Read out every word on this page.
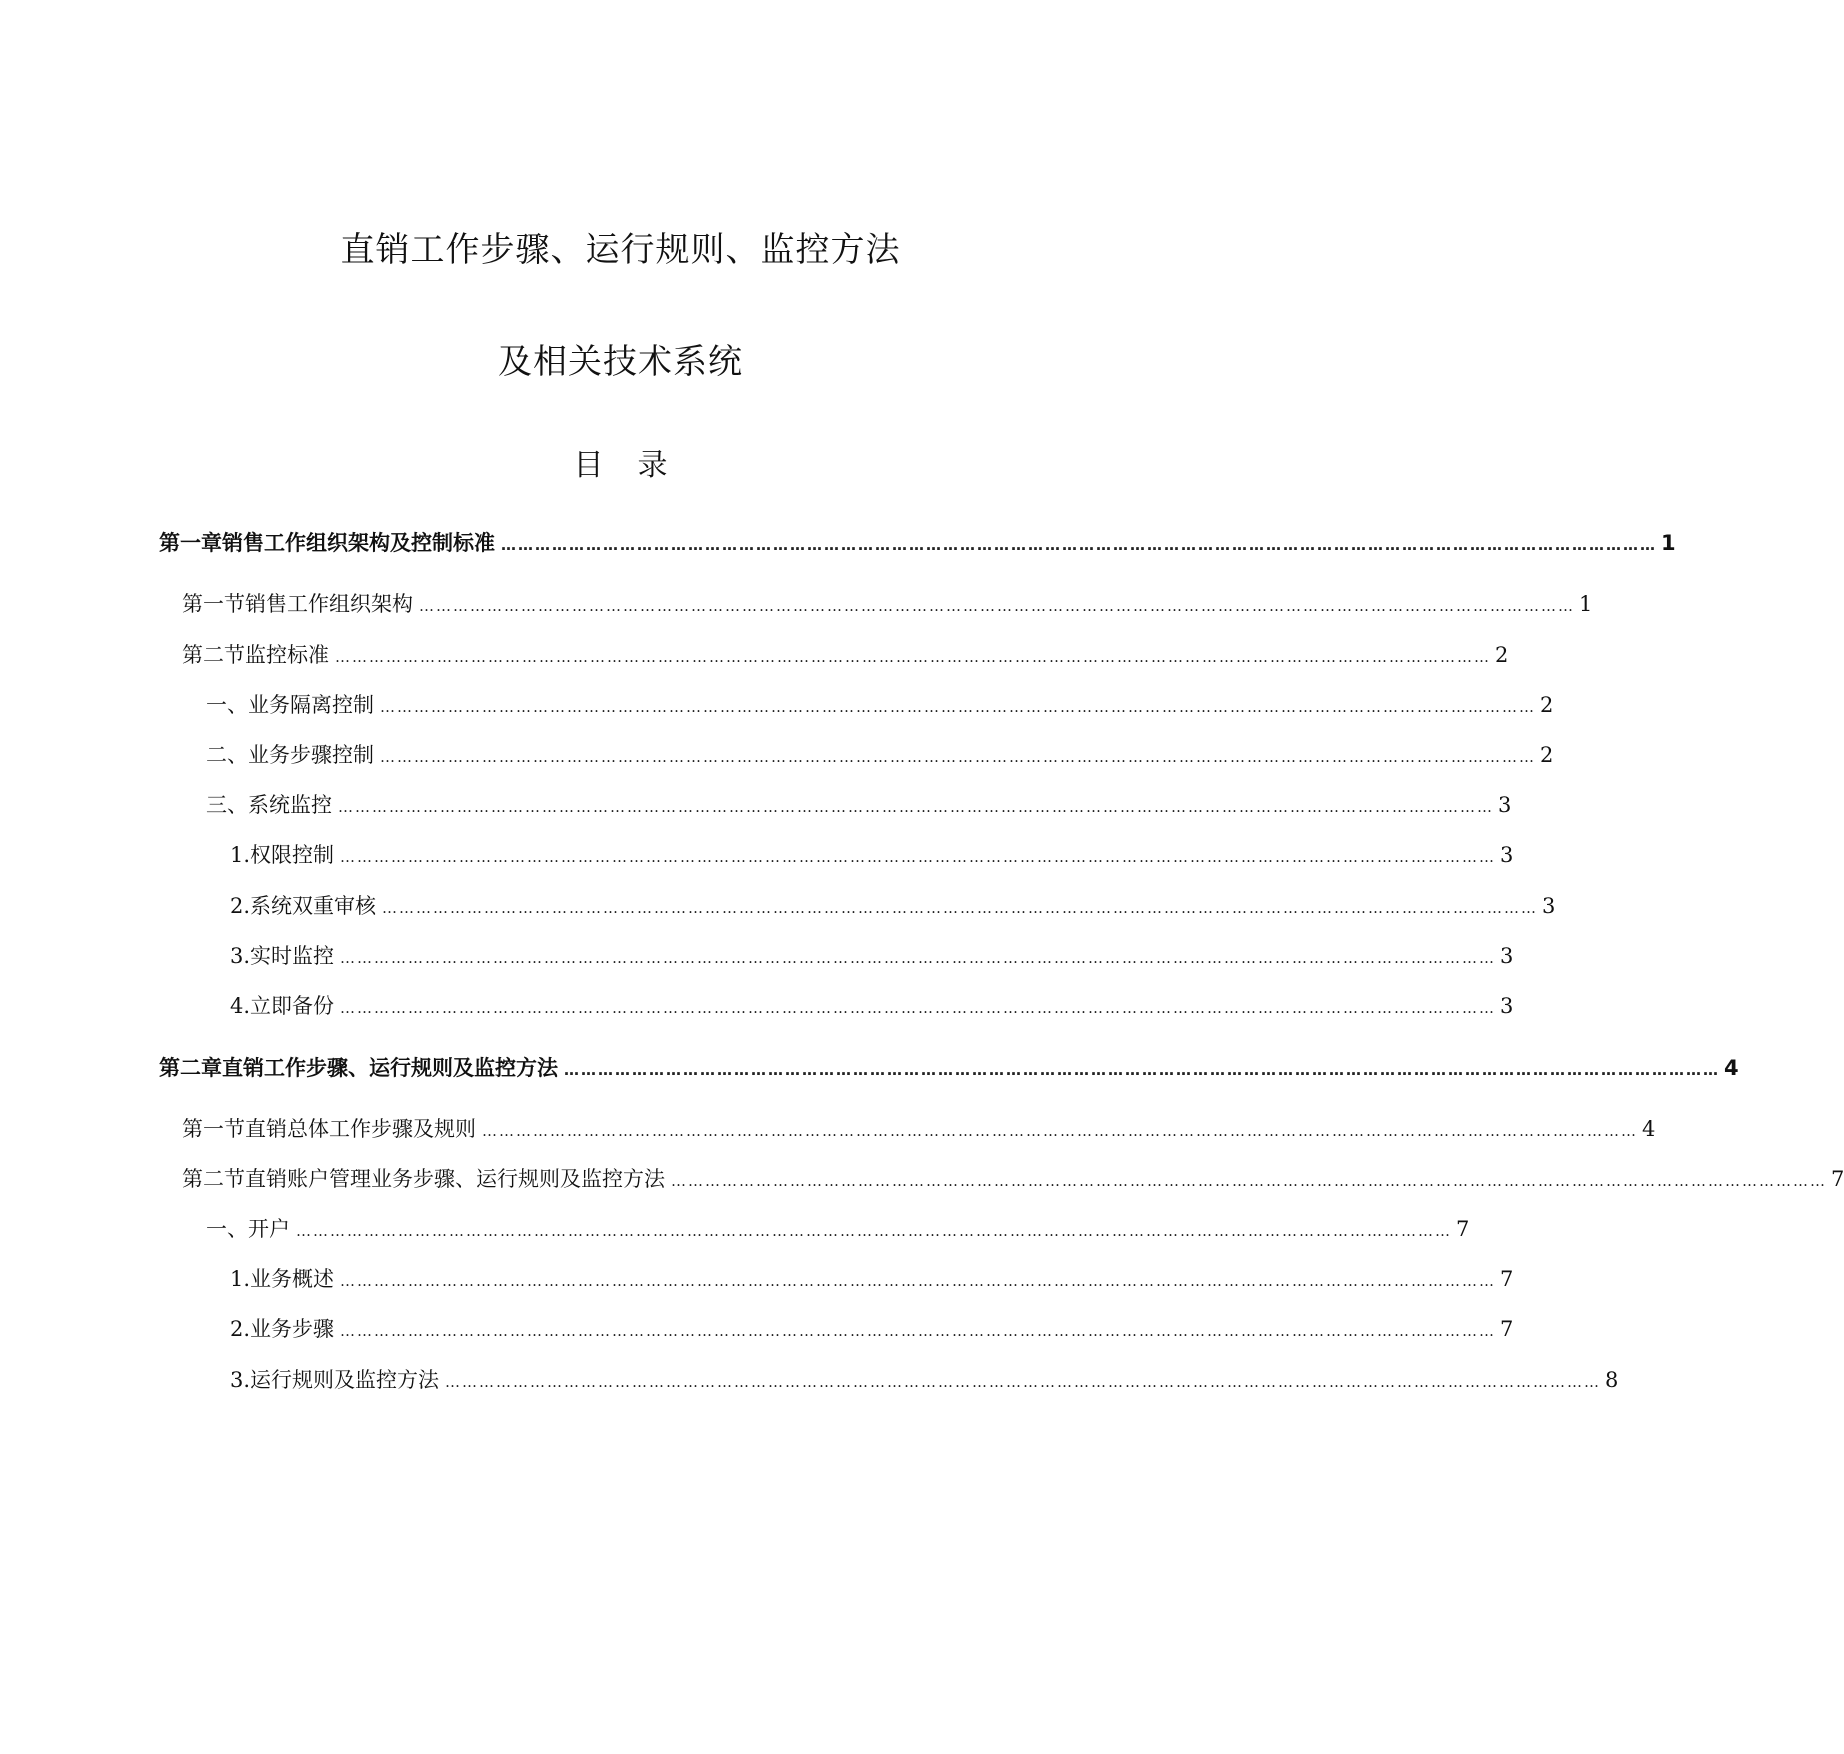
直销工作步骤、运行规则、监控方法
及相关技术系统
目 录
第一章 销售工作组织架构及控制标准 …………………………………………………………………………………………………………………………………………………………………………………… 1
第一节 销售工作组织架构 …………………………………………………………………………………………………………………………………………………………………………………… 1
第二节 监控标准 …………………………………………………………………………………………………………………………………………………………………………………… 2
一、 业务隔离控制 …………………………………………………………………………………………………………………………………………………………………………………… 2
二、 业务步骤控制 …………………………………………………………………………………………………………………………………………………………………………………… 2
三、 系统监控 …………………………………………………………………………………………………………………………………………………………………………………… 3
1. 权限控制 …………………………………………………………………………………………………………………………………………………………………………………… 3
2. 系统双重审核 …………………………………………………………………………………………………………………………………………………………………………………… 3
3. 实时监控 …………………………………………………………………………………………………………………………………………………………………………………… 3
4. 立即备份 …………………………………………………………………………………………………………………………………………………………………………………… 3
第二章 直销工作步骤、运行规则及监控方法 …………………………………………………………………………………………………………………………………………………………………………………… 4
第一节 直销总体工作步骤及规则 …………………………………………………………………………………………………………………………………………………………………………………… 4
第二节 直销账户管理业务步骤、运行规则及监控方法 …………………………………………………………………………………………………………………………………………………………………………………… 7
一、 开户 …………………………………………………………………………………………………………………………………………………………………………………… 7
1. 业务概述 …………………………………………………………………………………………………………………………………………………………………………………… 7
2. 业务步骤 …………………………………………………………………………………………………………………………………………………………………………………… 7
3. 运行规则及监控方法 …………………………………………………………………………………………………………………………………………………………………………………… 8
